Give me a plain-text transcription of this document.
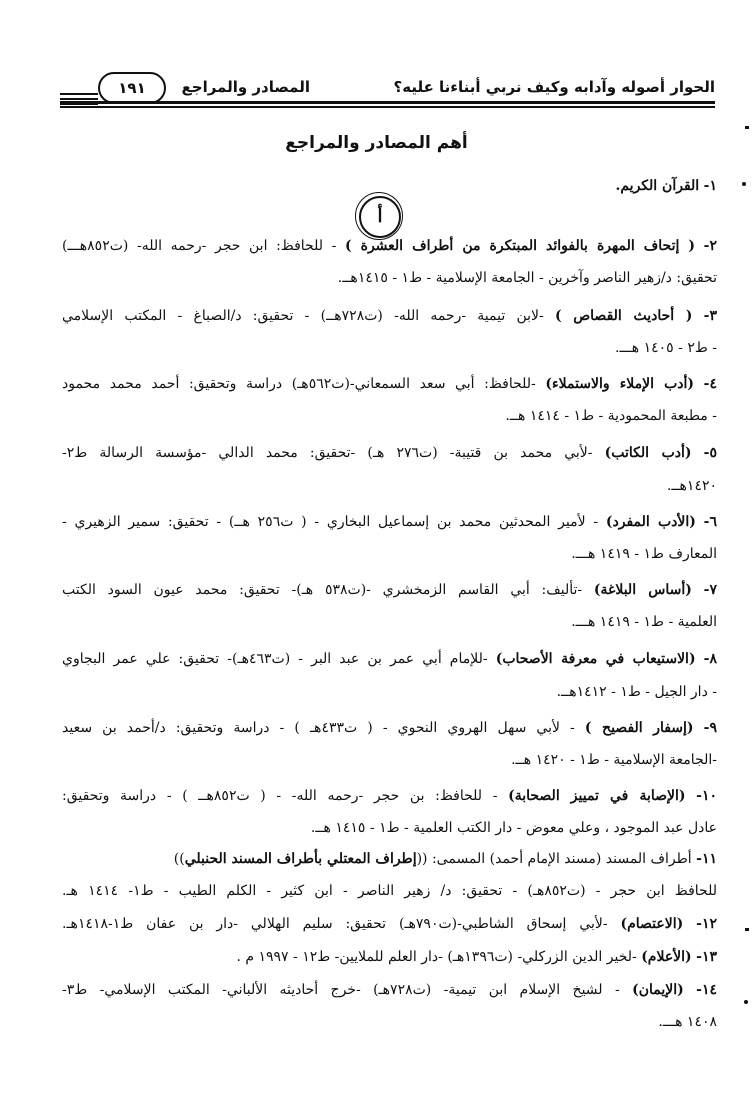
الحوار أصوله وآدابه وكيف نربي أبناءنا عليه؟
المصادر والمراجع
١٩١
أهم المصادر والمراجع
أ
١- القرآن الكريم.
٢- ( إتحاف المهرة بالفوائد المبتكرة من أطراف العشرة ) - للحافظ: ابن حجر -رحمه الله- (ت٨٥٢هـــ)
تحقيق: د/زهير الناصر وآخرين - الجامعة الإسلامية - ط١ - ١٤١٥هــ.
٣- ( أحاديث القصاص ) -لابن تيمية -رحمه الله- (ت٧٢٨هــ) - تحقيق: د/الصباغ - المكتب الإسلامي
- ط٢ - ١٤٠٥ هـــ.
٤- (أدب الإملاء والاستملاء) -للحافظ: أبي سعد السمعاني-(ت٥٦٢هـ) دراسة وتحقيق: أحمد محمد محمود
- مطبعة المحمودية - ط١ - ١٤١٤ هــ.
٥- (أدب الكاتب) -لأبي محمد بن قتيبة- (ت٢٧٦ هـ) -تحقيق: محمد الدالي -مؤسسة الرسالة ط٢-
١٤٢٠هــ.
٦- (الأدب المفرد) - لأمير المحدثين محمد بن إسماعيل البخاري - ( ت٢٥٦ هــ) - تحقيق: سمير الزهيري -
المعارف ط١ - ١٤١٩ هـــ.
٧- (أساس البلاغة) -تأليف: أبي القاسم الزمخشري -(ت٥٣٨ هـ)- تحقيق: محمد عيون السود الكتب
العلمية - ط١ - ١٤١٩ هـــ.
٨- (الاستيعاب في معرفة الأصحاب) -للإمام أبي عمر بن عبد البر - (ت٤٦٣هـ)- تحقيق: علي عمر البجاوي
- دار الجيل - ط١ - ١٤١٢هــ.
٩- (إسفار الفصيح ) - لأبي سهل الهروي النحوي - ( ت٤٣٣هـ ) - دراسة وتحقيق: د/أحمد بن سعيد
-الجامعة الإسلامية - ط١ - ١٤٢٠ هــ.
١٠- (الإصابة في تمييز الصحابة) - للحافظ: بن حجر -رحمه الله- - ( ت٨٥٢هــ ) - دراسة وتحقيق:
عادل عبد الموجود ، وعلي معوض - دار الكتب العلمية - ط١ - ١٤١٥ هــ.
١١- أطراف المسند (مسند الإمام أحمد) المسمى: ((إطراف المعتلي بأطراف المسند الحنبلي))
للحافظ ابن حجر - (ت٨٥٢هـ) - تحقيق: د/ زهير الناصر - ابن كثير - الكلم الطيب - ط١- ١٤١٤ هـ.
١٢- (الاعتصام) -لأبي إسحاق الشاطبي-(ت٧٩٠هـ) تحقيق: سليم الهلالي -دار بن عفان ط١-١٤١٨هـ.
١٣- (الأعلام) -لخير الدين الزركلي- (ت١٣٩٦هـ) -دار العلم للملايين- ط١٢ - ١٩٩٧ م .
١٤- (الإيمان) - لشيخ الإسلام ابن تيمية- (ت٧٢٨هـ) -خرج أحاديثه الألباني- المكتب الإسلامي- ط٣-
١٤٠٨ هـــ.
